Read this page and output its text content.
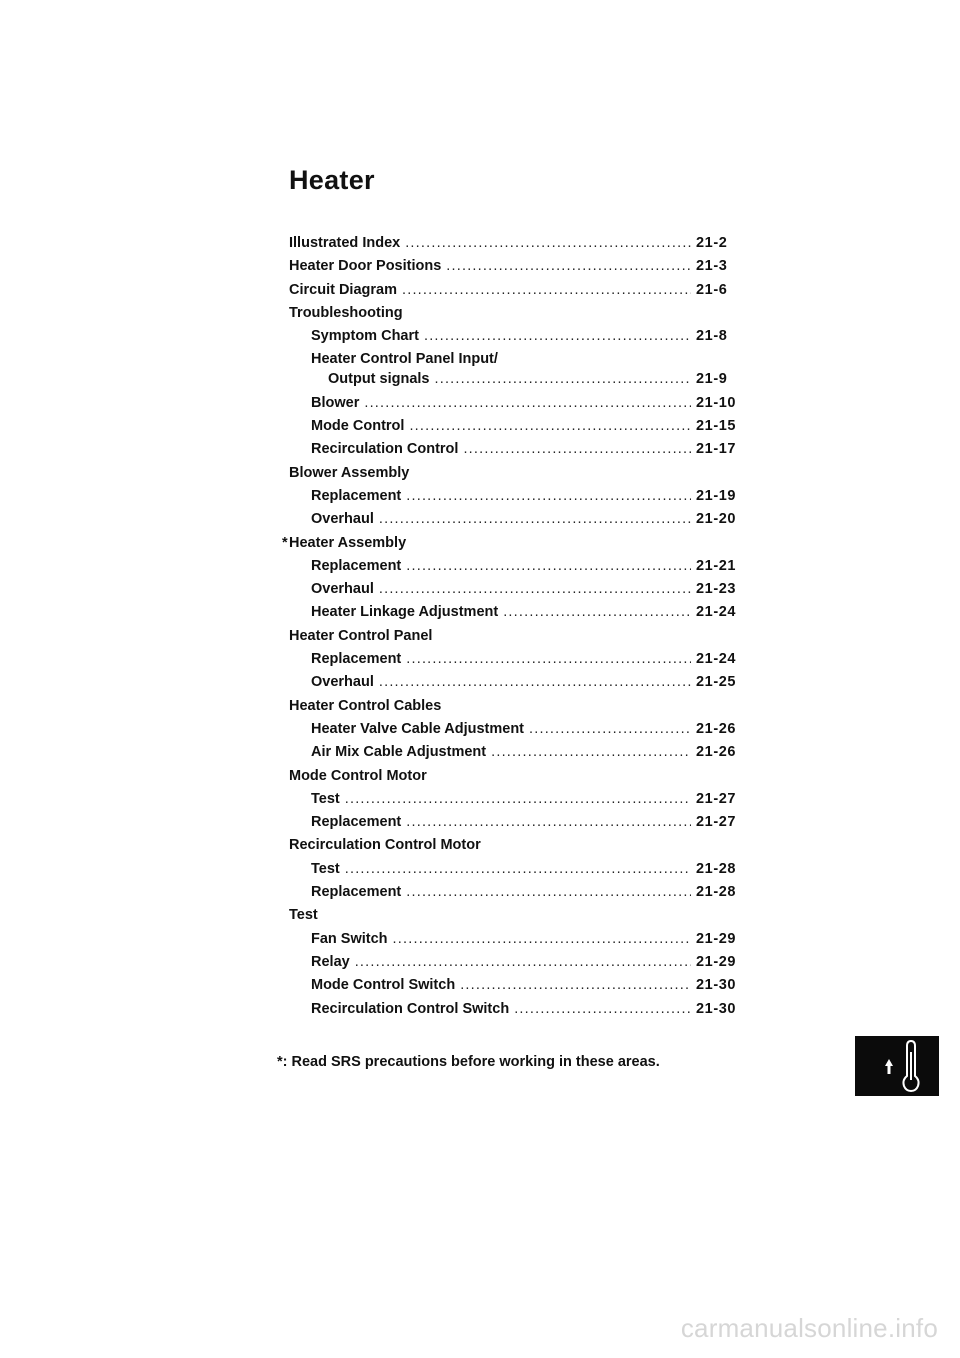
Heater
Illustrated Index .....	21-2
Heater Door Positions .....	21-3
Circuit Diagram .....	21-6
Troubleshooting
Symptom Chart .....	21-8
Heater Control Panel Input/
Output signals .....	21-9
Blower .....	21-10
Mode Control .....	21-15
Recirculation Control .....	21-17
Blower Assembly
Replacement .....	21-19
Overhaul .....	21-20
* Heater Assembly
Replacement .....	21-21
Overhaul .....	21-23
Heater Linkage Adjustment .....	21-24
Heater Control Panel
Replacement .....	21-24
Overhaul .....	21-25
Heater Control Cables
Heater Valve Cable Adjustment .....	21-26
Air Mix Cable Adjustment .....	21-26
Mode Control Motor
Test .....	21-27
Replacement .....	21-27
Recirculation Control Motor
Test .....	21-28
Replacement .....	21-28
Test
Fan Switch .....	21-29
Relay .....	21-29
Mode Control Switch .....	21-30
Recirculation Control Switch .....	21-30
*: Read SRS precautions before working in these areas.
carmanualsonline.info
